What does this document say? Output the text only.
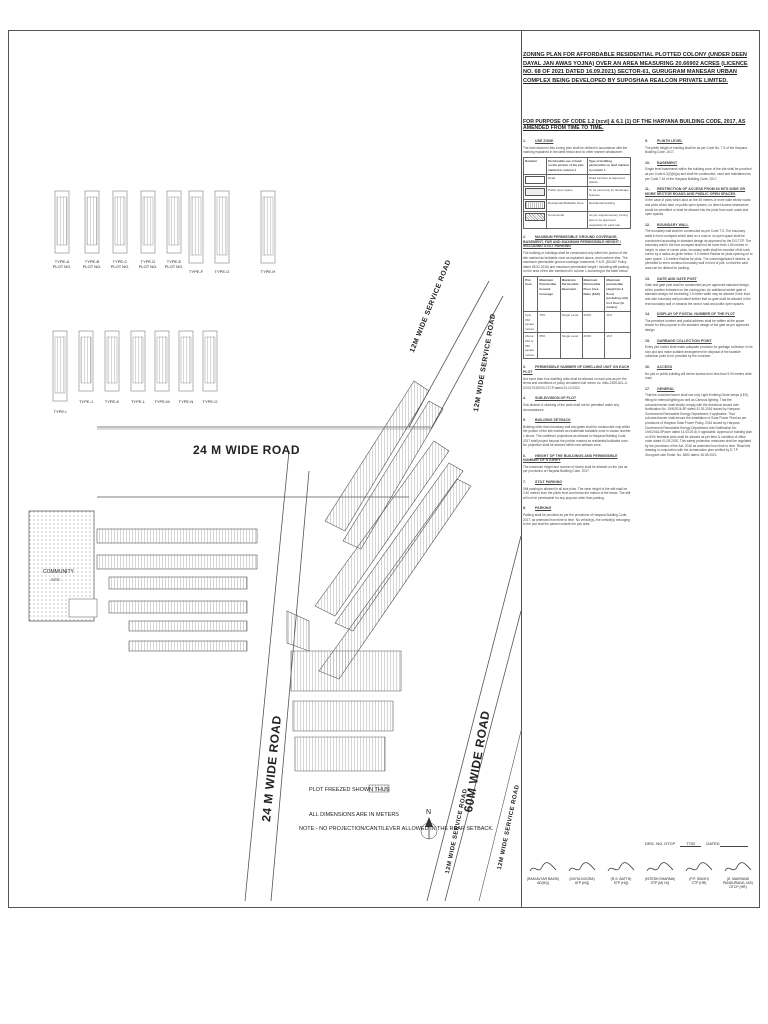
TYPE-A
PLOT NO.
TYPE-B
PLOT NO.
TYPE-C
PLOT NO.
TYPE-D
PLOT NO.
TYPE-E
PLOT NO.
TYPE-F	TYPE-G	TYPE-H
TYPE-I
TYPE-J	TYPE-K	TYPE-L	TYPE-M	TYPE-N	TYPE-O
24 M WIDE ROAD
12M WIDE SERVICE ROAD
12M WIDE SERVICE ROAD
60M WIDE ROAD
24 M WIDE ROAD
12M WIDE SERVICE ROAD	12M WIDE SERVICE ROAD
COMMUNITY
SITE
N
PLOT FREEZED SHOWN THUS
ALL DIMENSIONS ARE IN METERS
NOTE:- NO PROJECTION/CANTILEVER ALLOWED IN THE REAR SETBACK.
ZONING PLAN FOR AFFORDABLE RESIDENTIAL PLOTTED COLONY (UNDER DEEN DAYAL JAN AWAS YOJNA) OVER AN AREA MEASURING 20.66902 ACRES (LICENCE NO. 68 OF 2021 DATED 16.09.2021) SECTOR-61, GURUGRAM MANESAR URBAN COMPLEX BEING DEVELOPED BY SUPOSHAA REALCON PRIVATE LIMITED.
FOR PURPOSE OF CODE 1.2 (xcvi) & 6.1 (1) OF THE HARYANA BUILDING CODE, 2017, AS AMENDED FROM TIME TO TIME.
1.	USE ZONE

The land shown in this zoning plan shall be utilized in accordance with the marking explained in the table below and no other manner whatsoever.

Notation	Permissible use of land on the portion of the plot marked in column 1	Type of building permissible on land marked in column 1
	Road	Road furniture at approved places.
	Public open space	To be used only for landscape features.
	Residential Buildable Zone	Residential building
	Commercial	As per supplementary zoning plan to be approved separately for each site.
2.	MAXIMUM PERMISSIBLE GROUND COVERAGE, BASEMENT, FAR AND MAXIMUM PERMISSIBLE HEIGHT / INCLUDING STILT PARKING

The building or buildings shall be constructed only within the portion of the site marked as buildable zone as explained above, and nowhere else. The maximum permissible ground coverage, basement, F.A.R. (DDJAY Policy dated 08.02.2016) and maximum permissible height / including stilt parking on the area of the site mentioned in column 1 according to the table below:

Plot Area	Maximum Permissible Ground Coverage	Maximum Permissible Basement	Maximum Permissible Floor Area Ratio (FAR)	Maximum permissible Height (G+3 floor) (including stilt) G+4 floor (in meters)
Upto 150 square metres	75%	Single Level	200%	16.5
Above 150 to 250 square metres	65%	Single Level	200%	16.5
3.	PERMISSIBLE NUMBER OF DWELLING UNIT ON EACH PLOT

Not more than four dwelling units shall be allowed on each plot as per the terms and conditions of policy circulated vide memo no. Misc-2339-ACL-II-S/2017/120200-2TCP dated 23.10.2020.

4.	SUB-DIVISION OF PLOT

Sub-division & clubbing of the plots shall not be permitted under any circumstances.

5.	BUILDING SETBACK

Building other than boundary wall and gates shall be constructed only within the portion of the site marked as residential buildable zone in clause number 1 above. The cantilever projections as allowed in Haryana Building Code, 2017 shall project beyond the portion marked as residential buildable zone. No projection shall be allowed within rear setback zone.

6.	HEIGHT OF THE BUILDINGS AND PERMISSIBLE NUMBER OF STOREY

The maximum height and number of storey shall be allowed on the plot as per provisions of Haryana Building Code, 2017.

7.	STILT PARKING

Stilt parking is allowed in all size plots. The clear height of the stilt shall be 2.40 metres from the plinth level and below the bottom of the beam. The stilt will not be permissible for any purpose other than parking.

8.	PARKING

Parking shall be provided as per the provisions of Haryana Building Code, 2017, as amended from time to time. No vehicle(s), the vehicle(s) belonging to the plot shall be parked outside the plot area.

9.	PLINTH LEVEL

The plinth height of building shall be as per Code No. 7.5 of the Haryana Building Code, 2017.

10. BASEMENT

Single level basements within the building zone of the site shall be provided as per Code 6.3(3)(iii)(a) and shall be constructed, used and maintained as per Code 7.16 of the Haryana Building Code, 2017.

11. RESTRICTION OF ACCESS FROM 60 MTS WIDE OR MORE SECTOR ROADS AND PUBLIC OPEN SPACES

In the case of plots which abut on the 45 meters or more wide sector roads and plots which abut on public open spaces, no direct access whatsoever would be permitted or shall be allowed into the plots from such roads and open spaces.

12. BOUNDARY WALL

The boundary wall shall be constructed as per Code 7.5. The boundary walls in front courtyard which abut on a road or on open space shall be constructed according to standard design as approved by the DG,TCP. The boundary wall in the rear courtyard shall not be more than 1.80 metres in height. In case of corner plots, boundary walls shall be rounded off at such corner by a radius as given below: 3.0 meters Radius for plots opening on to open space. 1.5 meters Radius for plots. The owner/applicant if desires, is permitted to erect construct boundary wall in front of plot, so that the said area can be utilized for parking.

13. GATE AND GATE POST

Gate and gate post shall be constructed as per approved standard design, at the position indicated on the zoning plan. An additional wicket gate of standard design not exceeding 1.5 meter width may be allowed in the front and side boundary wall provided further that no gate shall be allowed in the rear boundary wall or towards the sector road and public open spaces.

14. DISPLAY OF POSTAL NUMBER OF THE PLOT

The premises number and postal address shall be written at the space shown for this purpose in the standard design of the gate as per approved design.

15. GARBAGE COLLECTION POINT

Every plot holder shall make adequate provision for garbage collection in his own plot and make suitable arrangement for disposal of the towable collection point to be provided by the colonizer.

16. ACCESS

No plot or public building will derive access from less than 9.00 meters wide road.

17. GENERAL

That the colonizer/owner shall use only Light-Emitting Diode lamps (LED) fitting for internal lighting as well as Campus lighting. That the colonizer/owner shall strictly comply with the directions issued vide Notification No. 19/6/2016-5P dated 31.03.2016 issued by Haryana Government Renewable Energy Department, if applicable. That colonizer/owner shall ensure the installation of Solar Power Plant as per provisions of Haryana Solar Power Policy, 2016 issued by Haryana Government Renewable Energy Department vide Notification No. 19/4/2016-5Power dated 14.03.2016, if applicable. Approval of building plan on 50% fenestral plots shall be allowed as per term & condition of office order dated 01.09.2020. This safety protection measures shall be regulated by the provisions of the Act, 2016 as amended from time to time. Read this drawing in conjunction with the demarcation plan verified by D.T.P. Gurugram vide Endst. No. 8492 dated: 26.08.2021.

DRG. NO. DTCP	7752	DATED
(RAM AVTAR BASSI)
AD(HQ)
(DIVYA DOGRA)
ATP (HQ)
(R.S. BATTH)
STP (HQ)
(HITESH SHARMA)
STP (M) HQ
(P.P. SINGH)
CTP (HR)
(K. MAKRAND PANDURANG, IAS)
DTCP (HR)
